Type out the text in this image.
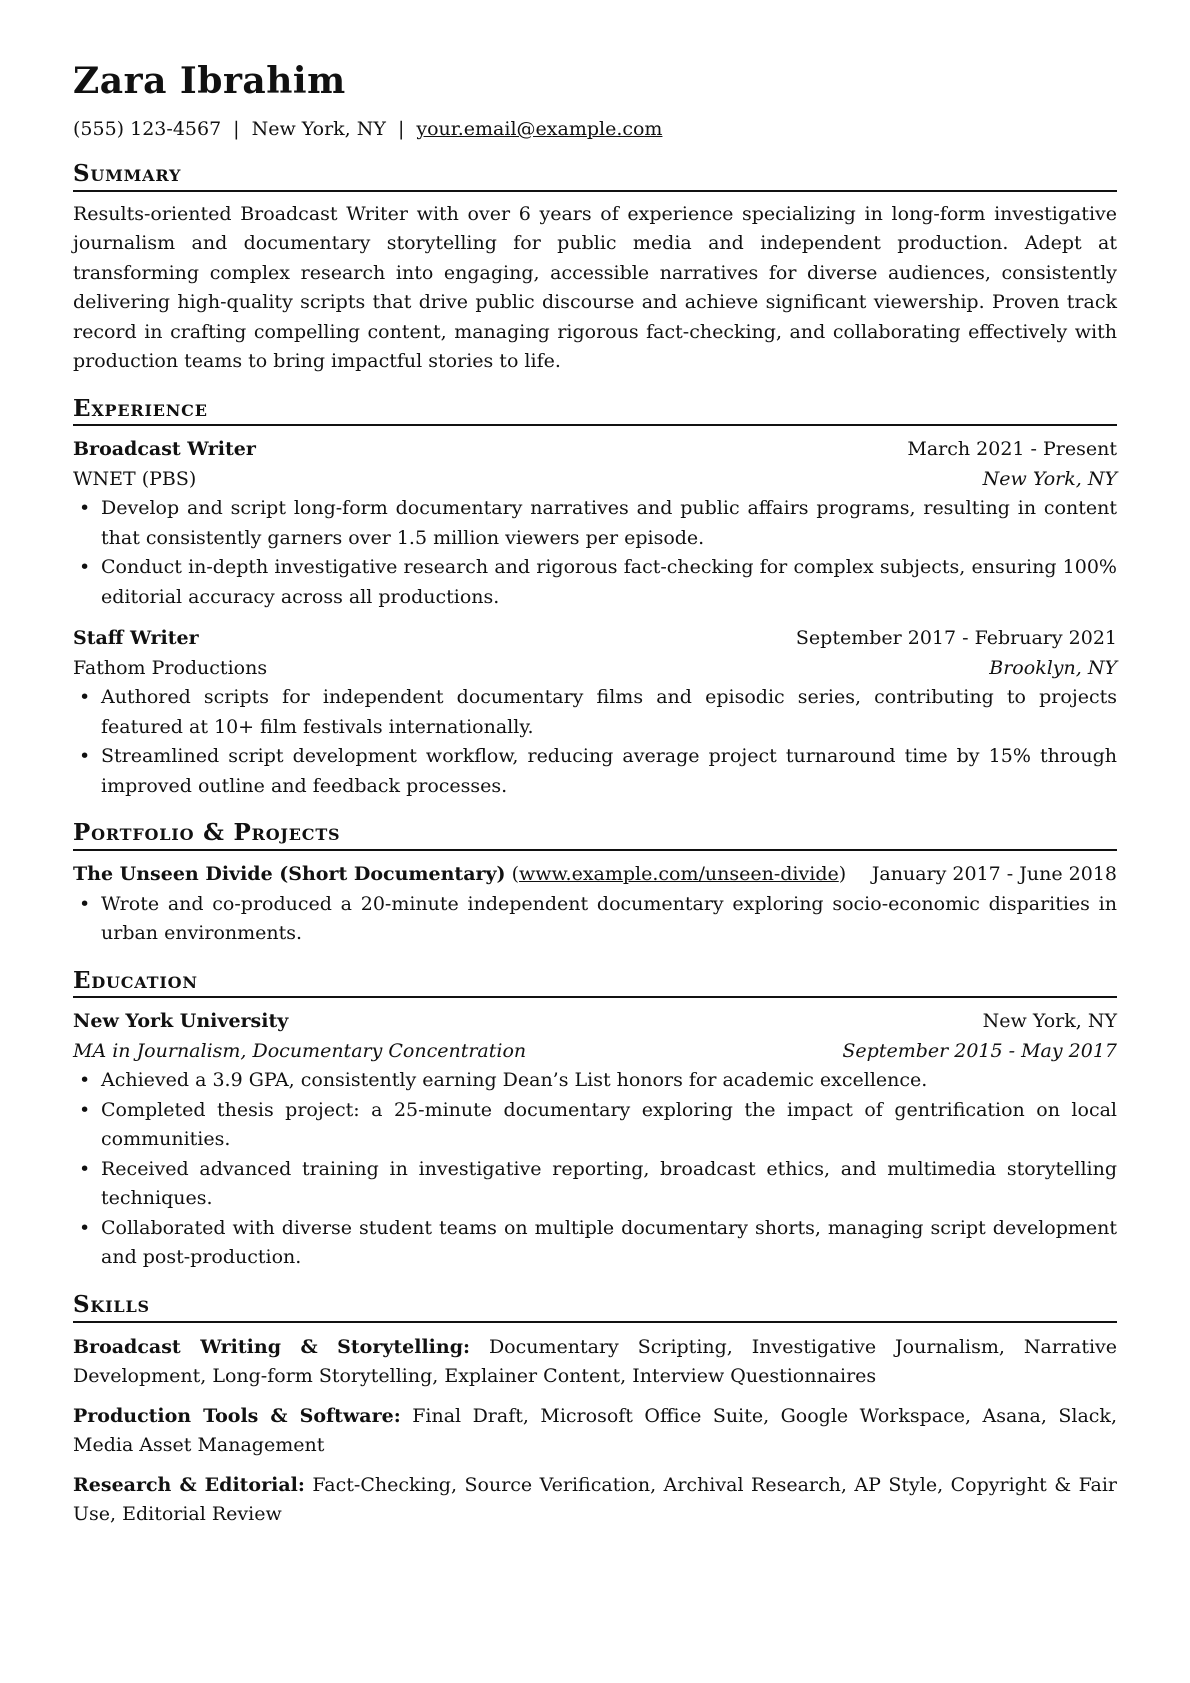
Zara Ibrahim
(555) 123-4567 | New York, NY | your.email@example.com
Summary
Results-oriented Broadcast Writer with over 6 years of experience specializing in long-form investigative journalism and documentary storytelling for public media and independent production. Adept at transforming complex research into engaging, accessible narratives for diverse audiences, consistently delivering high-quality scripts that drive public discourse and achieve significant viewership. Proven track record in crafting compelling content, managing rigorous fact-checking, and collaborating effectively with production teams to bring impactful stories to life.
Experience
Broadcast Writer	March 2021 - Present
WNET (PBS)	New York, NY
• Develop and script long-form documentary narratives and public affairs programs, resulting in content that consistently garners over 1.5 million viewers per episode.
• Conduct in-depth investigative research and rigorous fact-checking for complex subjects, ensuring 100% editorial accuracy across all productions.
Staff Writer	September 2017 - February 2021
Fathom Productions	Brooklyn, NY
• Authored scripts for independent documentary films and episodic series, contributing to projects featured at 10+ film festivals internationally.
• Streamlined script development workflow, reducing average project turnaround time by 15% through improved outline and feedback processes.
Portfolio & Projects
The Unseen Divide (Short Documentary) (www.example.com/unseen-divide)	January 2017 - June 2018
• Wrote and co-produced a 20-minute independent documentary exploring socio-economic disparities in urban environments.
Education
New York University	New York, NY
MA in Journalism, Documentary Concentration	September 2015 - May 2017
• Achieved a 3.9 GPA, consistently earning Dean’s List honors for academic excellence.
• Completed thesis project: a 25-minute documentary exploring the impact of gentrification on local communities.
• Received advanced training in investigative reporting, broadcast ethics, and multimedia storytelling techniques.
• Collaborated with diverse student teams on multiple documentary shorts, managing script development and post-production.
Skills
Broadcast Writing & Storytelling: Documentary Scripting, Investigative Journalism, Narrative Development, Long-form Storytelling, Explainer Content, Interview Questionnaires
Production Tools & Software: Final Draft, Microsoft Office Suite, Google Workspace, Asana, Slack, Media Asset Management
Research & Editorial: Fact-Checking, Source Verification, Archival Research, AP Style, Copyright & Fair Use, Editorial Review
